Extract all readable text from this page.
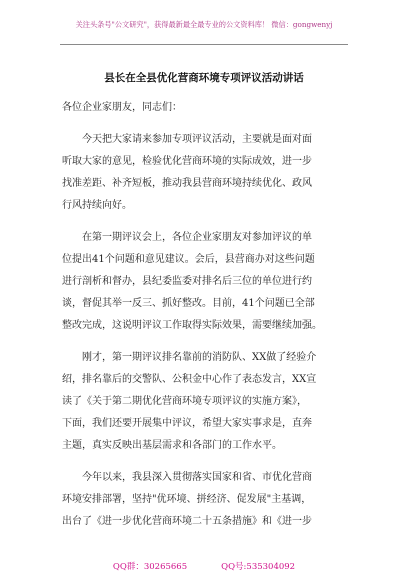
关注头条号"公文研究"，获得最新最全最专业的公文资料库！ 微信：gongwenyj
县长在全县优化营商环境专项评议活动讲话
各位企业家朋友，同志们：
今天把大家请来参加专项评议活动，主要就是面对面
听取大家的意见，检验优化营商环境的实际成效，进一步
找准差距、补齐短板，推动我县营商环境持续优化、政风
行风持续向好。
在第一期评议会上，各位企业家朋友对参加评议的单
位提出41个问题和意见建议。会后，县营商办对这些问题
进行剖析和督办，县纪委监委对排名后三位的单位进行约
谈，督促其举一反三、抓好整改。目前，41个问题已全部
整改完成，这说明评议工作取得实际效果，需要继续加强。
刚才，第一期评议排名靠前的消防队、XX做了经验介
绍，排名靠后的交警队、公积金中心作了表态发言，XX宣
读了《关于第二期优化营商环境专项评议的实施方案》，
下面，我们还要开展集中评议，希望大家实事求是，直奔
主题，真实反映出基层需求和各部门的工作水平。
今年以来，我县深入贯彻落实国家和省、市优化营商
环境安排部署，坚持"优环境、拼经济、促发展"主基调，
出台了《进一步优化营商环境二十五条措施》和《进一步
QQ群：30265665	QQ号:535304092
